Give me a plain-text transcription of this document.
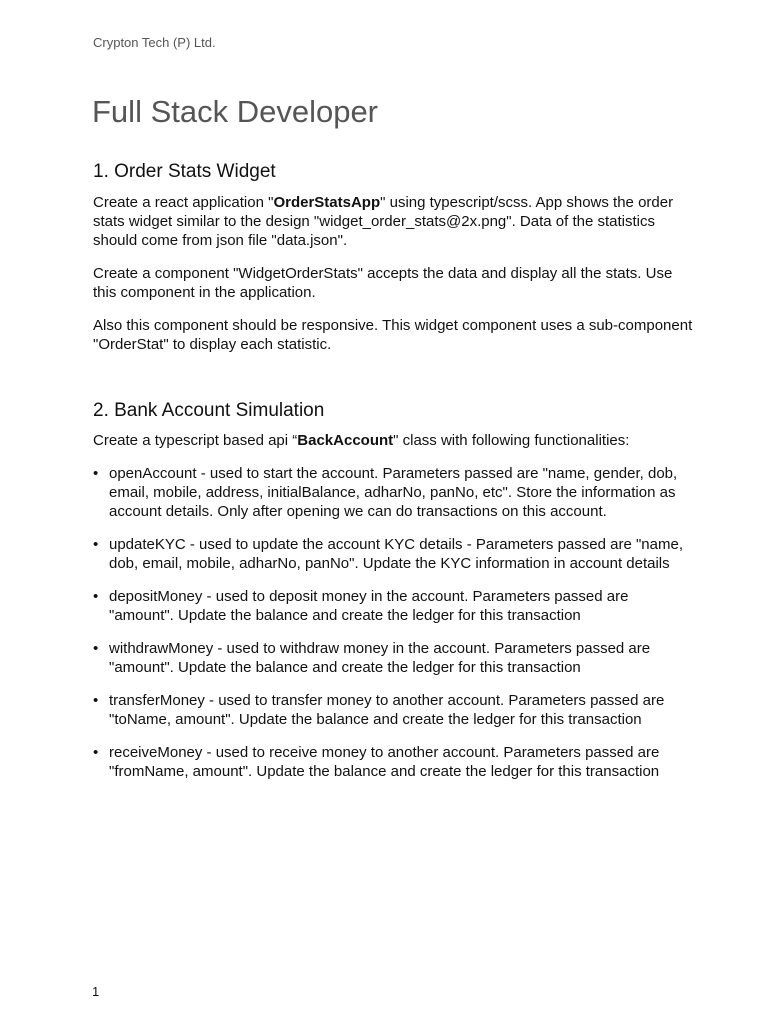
Crypton Tech (P) Ltd.
Full Stack Developer
1. Order Stats Widget

Create a react application "OrderStatsApp" using typescript/scss. App shows the order stats widget similar to the design "widget_order_stats@2x.png". Data of the statistics should come from json file "data.json".

Create a component "WidgetOrderStats" accepts the data and display all the stats. Use this component in the application.

Also this component should be responsive. This widget component uses a sub-component "OrderStat" to display each statistic.

2. Bank Account Simulation

Create a typescript based api “BackAccount" class with following functionalities:

• openAccount - used to start the account. Parameters passed are "name, gender, dob, email, mobile, address, initialBalance, adharNo, panNo, etc". Store the information as account details. Only after opening we can do transactions on this account.
• updateKYC - used to update the account KYC details - Parameters passed are "name, dob, email, mobile, adharNo, panNo". Update the KYC information in account details
• depositMoney - used to deposit money in the account. Parameters passed are "amount". Update the balance and create the ledger for this transaction
• withdrawMoney - used to withdraw money in the account. Parameters passed are "amount". Update the balance and create the ledger for this transaction
• transferMoney - used to transfer money to another account. Parameters passed are "toName, amount". Update the balance and create the ledger for this transaction
• receiveMoney - used to receive money to another account. Parameters passed are "fromName, amount". Update the balance and create the ledger for this transaction
1
